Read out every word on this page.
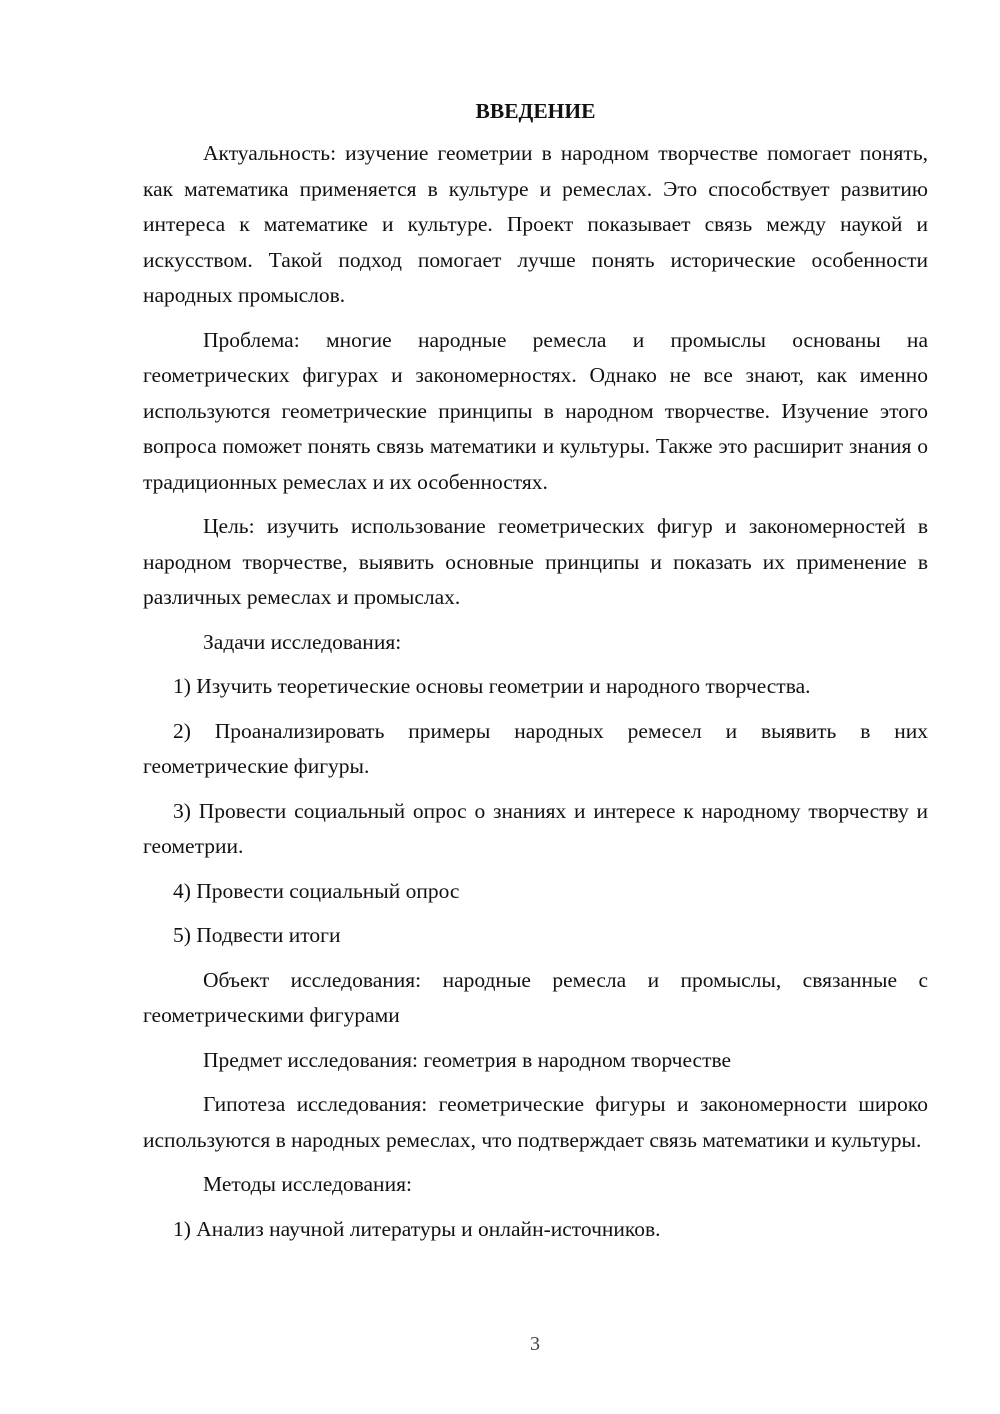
ВВЕДЕНИЕ

Актуальность: изучение геометрии в народном творчестве помогает понять, как математика применяется в культуре и ремеслах. Это способствует развитию интереса к математике и культуре. Проект показывает связь между наукой и искусством. Такой подход помогает лучше понять исторические особенности народных промыслов.

Проблема: многие народные ремесла и промыслы основаны на геометрических фигурах и закономерностях. Однако не все знают, как именно используются геометрические принципы в народном творчестве. Изучение этого вопроса поможет понять связь математики и культуры. Также это расширит знания о традиционных ремеслах и их особенностях.

Цель: изучить использование геометрических фигур и закономерностей в народном творчестве, выявить основные принципы и показать их применение в различных ремеслах и промыслах.

Задачи исследования:

1) Изучить теоретические основы геометрии и народного творчества.

2) Проанализировать примеры народных ремесел и выявить в них геометрические фигуры.

3) Провести социальный опрос о знаниях и интересе к народному творчеству и геометрии.

4) Провести социальный опрос

5) Подвести итоги

Объект исследования: народные ремесла и промыслы, связанные с геометрическими фигурами

Предмет исследования: геометрия в народном творчестве

Гипотеза исследования: геометрические фигуры и закономерности широко используются в народных ремеслах, что подтверждает связь математики и культуры.

Методы исследования:

1) Анализ научной литературы и онлайн-источников.

3
